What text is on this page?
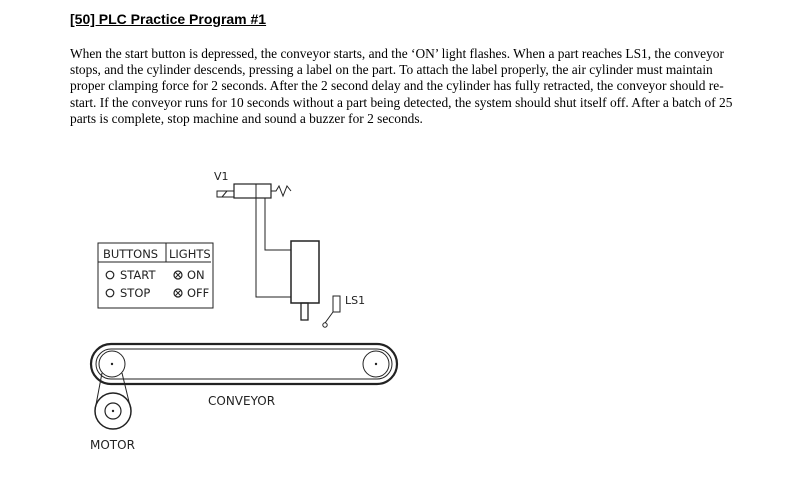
[50] PLC Practice Program #1
When the start button is depressed, the conveyor starts, and the ‘ON’ light flashes. When a part reaches LS1, the conveyor stops, and the cylinder descends, pressing a label on the part. To attach the label properly, the air cylinder must maintain proper clamping force for 2 seconds. After the 2 second delay and the cylinder has fully retracted, the conveyor should re-start. If the conveyor runs for 10 seconds without a part being detected, the system should shut itself off. After a batch of 25 parts is complete, stop machine and sound a buzzer for 2 seconds.
V1
LS1
BUTTONS LIGHTS
START
STOP
ON
OFF
CONVEYOR
MOTOR
